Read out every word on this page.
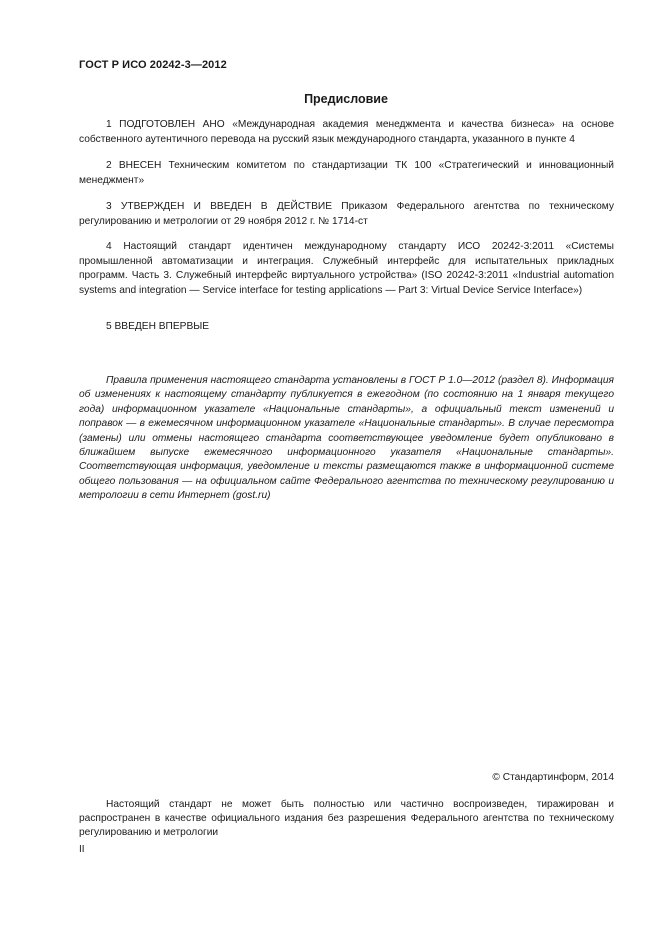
ГОСТ Р ИСО 20242-3—2012
Предисловие

1 ПОДГОТОВЛЕН АНО «Международная академия менеджмента и качества бизнеса» на основе собственного аутентичного перевода на русский язык международного стандарта, указанного в пункте 4

2 ВНЕСЕН Техническим комитетом по стандартизации ТК 100 «Стратегический и инновационный менеджмент»

3 УТВЕРЖДЕН И ВВЕДЕН В ДЕЙСТВИЕ Приказом Федерального агентства по техническому регулированию и метрологии от 29 ноября 2012 г. № 1714-ст

4 Настоящий стандарт идентичен международному стандарту ИСО 20242-3:2011 «Системы промышленной автоматизации и интеграция. Служебный интерфейс для испытательных прикладных программ. Часть 3. Служебный интерфейс виртуального устройства» (ISO 20242-3:2011 «Industrial automation systems and integration — Service interface for testing applications — Part 3: Virtual Device Service Interface»)

5 ВВЕДЕН ВПЕРВЫЕ

Правила применения настоящего стандарта установлены в ГОСТ Р 1.0—2012 (раздел 8). Информация об изменениях к настоящему стандарту публикуется в ежегодном (по состоянию на 1 января текущего года) информационном указателе «Национальные стандарты», а официальный текст изменений и поправок — в ежемесячном информационном указателе «Национальные стандарты». В случае пересмотра (замены) или отмены настоящего стандарта соответствующее уведомление будет опубликовано в ближайшем выпуске ежемесячного информационного указателя «Национальные стандарты». Соответствующая информация, уведомление и тексты размещаются также в информационной системе общего пользования — на официальном сайте Федерального агентства по техническому регулированию и метрологии в сети Интернет (gost.ru)

© Стандартинформ, 2014

Настоящий стандарт не может быть полностью или частично воспроизведен, тиражирован и распространен в качестве официального издания без разрешения Федерального агентства по техническому регулированию и метрологии

II
